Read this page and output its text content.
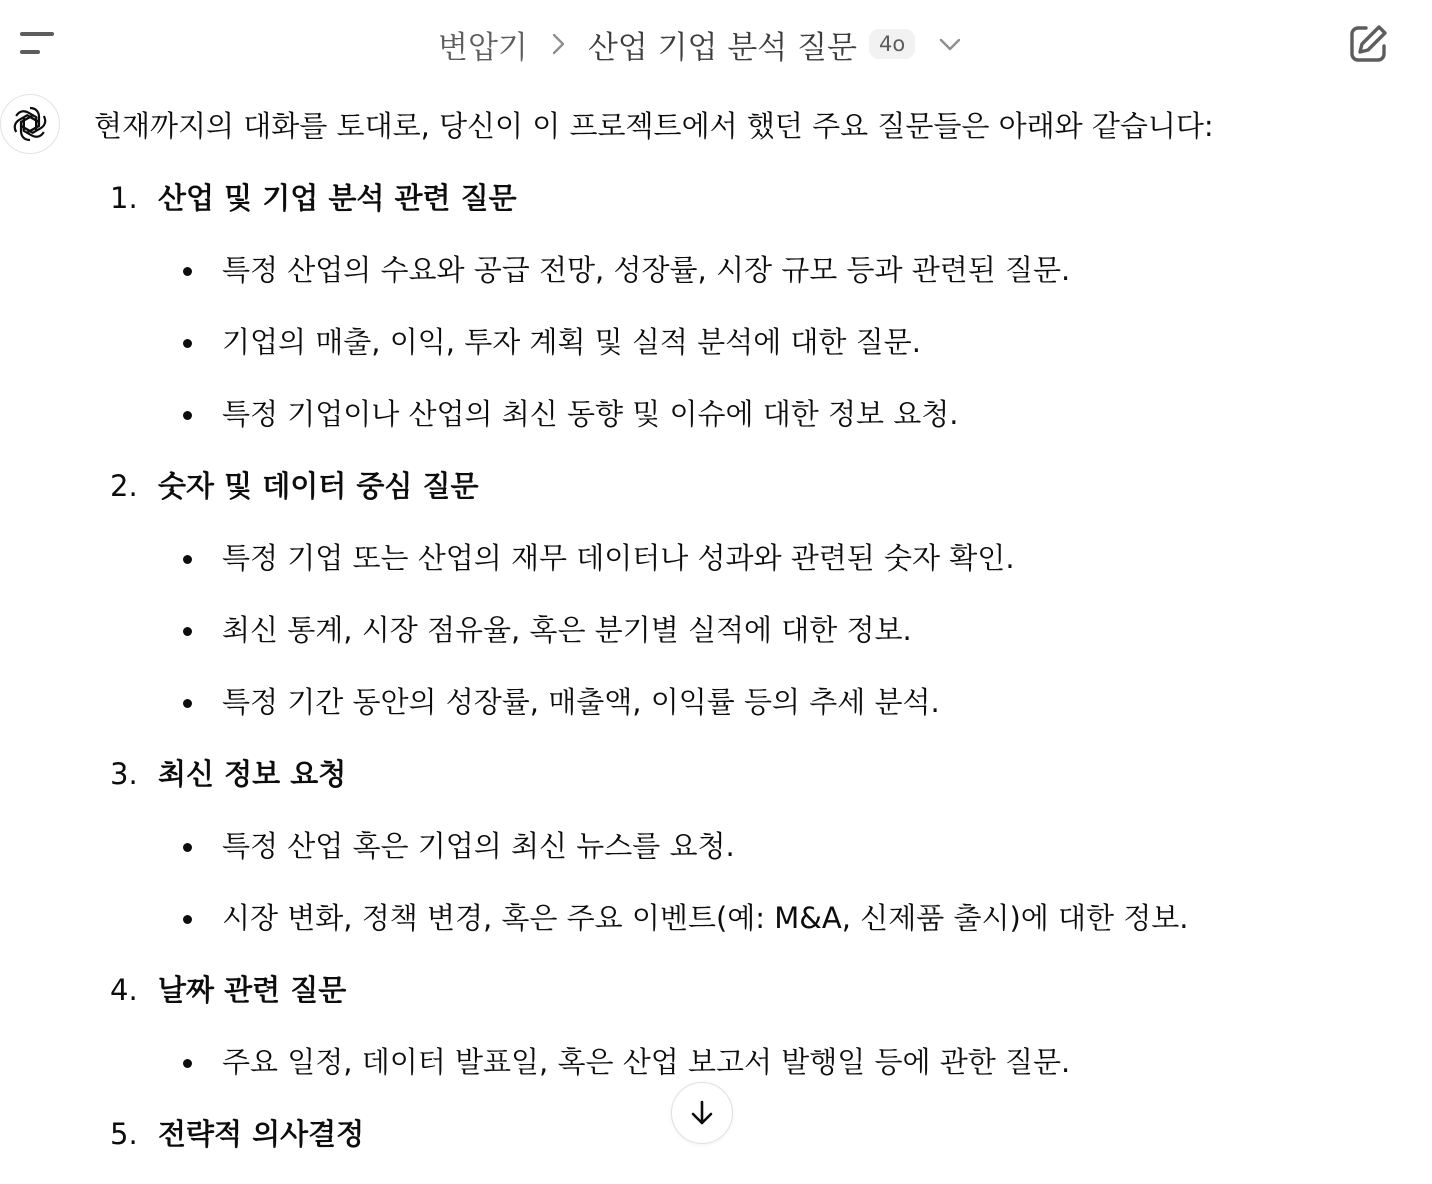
변압기 산업 기업 분석 질문	4o
현재까지의 대화를 토대로, 당신이 이 프로젝트에서 했던 주요 질문들은 아래와 같습니다:
1. 산업 및 기업 분석 관련 질문
특정 산업의 수요와 공급 전망, 성장률, 시장 규모 등과 관련된 질문.
기업의 매출, 이익, 투자 계획 및 실적 분석에 대한 질문.
특정 기업이나 산업의 최신 동향 및 이슈에 대한 정보 요청.
2. 숫자 및 데이터 중심 질문
특정 기업 또는 산업의 재무 데이터나 성과와 관련된 숫자 확인.
최신 통계, 시장 점유율, 혹은 분기별 실적에 대한 정보.
특정 기간 동안의 성장률, 매출액, 이익률 등의 추세 분석.
3. 최신 정보 요청
특정 산업 혹은 기업의 최신 뉴스를 요청.
시장 변화, 정책 변경, 혹은 주요 이벤트(예: M&A, 신제품 출시)에 대한 정보.
4. 날짜 관련 질문
주요 일정, 데이터 발표일, 혹은 산업 보고서 발행일 등에 관한 질문.
5. 전략적 의사결정
